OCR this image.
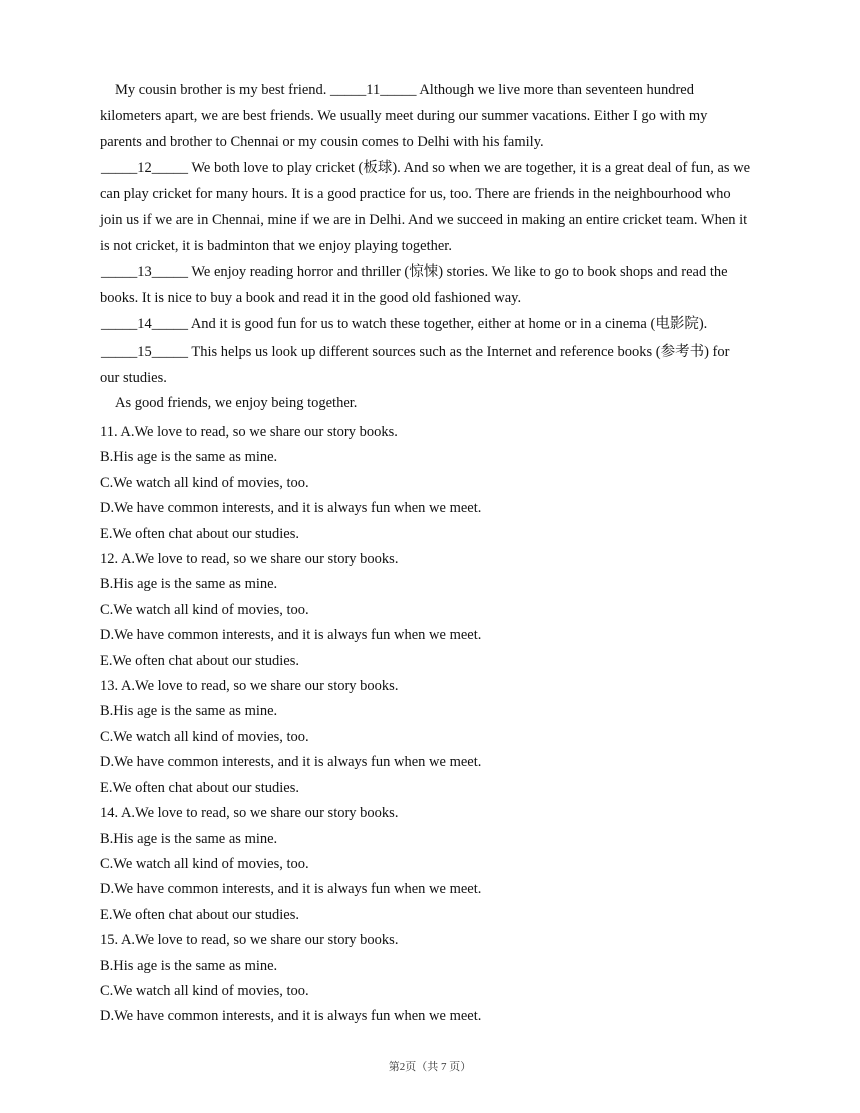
My cousin brother is my best friend. _____11_____ Although we live more than seventeen hundred kilometers apart, we are best friends. We usually meet during our summer vacations. Either I go with my parents and brother to Chennai or my cousin comes to Delhi with his family.

_____12_____ We both love to play cricket (板球). And so when we are together, it is a great deal of fun, as we can play cricket for many hours. It is a good practice for us, too. There are friends in the neighbourhood who join us if we are in Chennai, mine if we are in Delhi. And we succeed in making an entire cricket team. When it is not cricket, it is badminton that we enjoy playing together.

_____13_____ We enjoy reading horror and thriller (惊悚) stories. We like to go to book shops and read the books. It is nice to buy a book and read it in the good old fashioned way.

_____14_____ And it is good fun for us to watch these together, either at home or in a cinema (电影院).

_____15_____ This helps us look up different sources such as the Internet and reference books (参考书) for our studies.

As good friends, we enjoy being together.

11. A.We love to read, so we share our story books.
B.His age is the same as mine.
C.We watch all kind of movies, too.
D.We have common interests, and it is always fun when we meet.
E.We often chat about our studies.
12. A.We love to read, so we share our story books.
B.His age is the same as mine.
C.We watch all kind of movies, too.
D.We have common interests, and it is always fun when we meet.
E.We often chat about our studies.
13. A.We love to read, so we share our story books.
B.His age is the same as mine.
C.We watch all kind of movies, too.
D.We have common interests, and it is always fun when we meet.
E.We often chat about our studies.
14. A.We love to read, so we share our story books.
B.His age is the same as mine.
C.We watch all kind of movies, too.
D.We have common interests, and it is always fun when we meet.
E.We often chat about our studies.
15. A.We love to read, so we share our story books.
B.His age is the same as mine.
C.We watch all kind of movies, too.
D.We have common interests, and it is always fun when we meet.
第2页（共 7 页）
